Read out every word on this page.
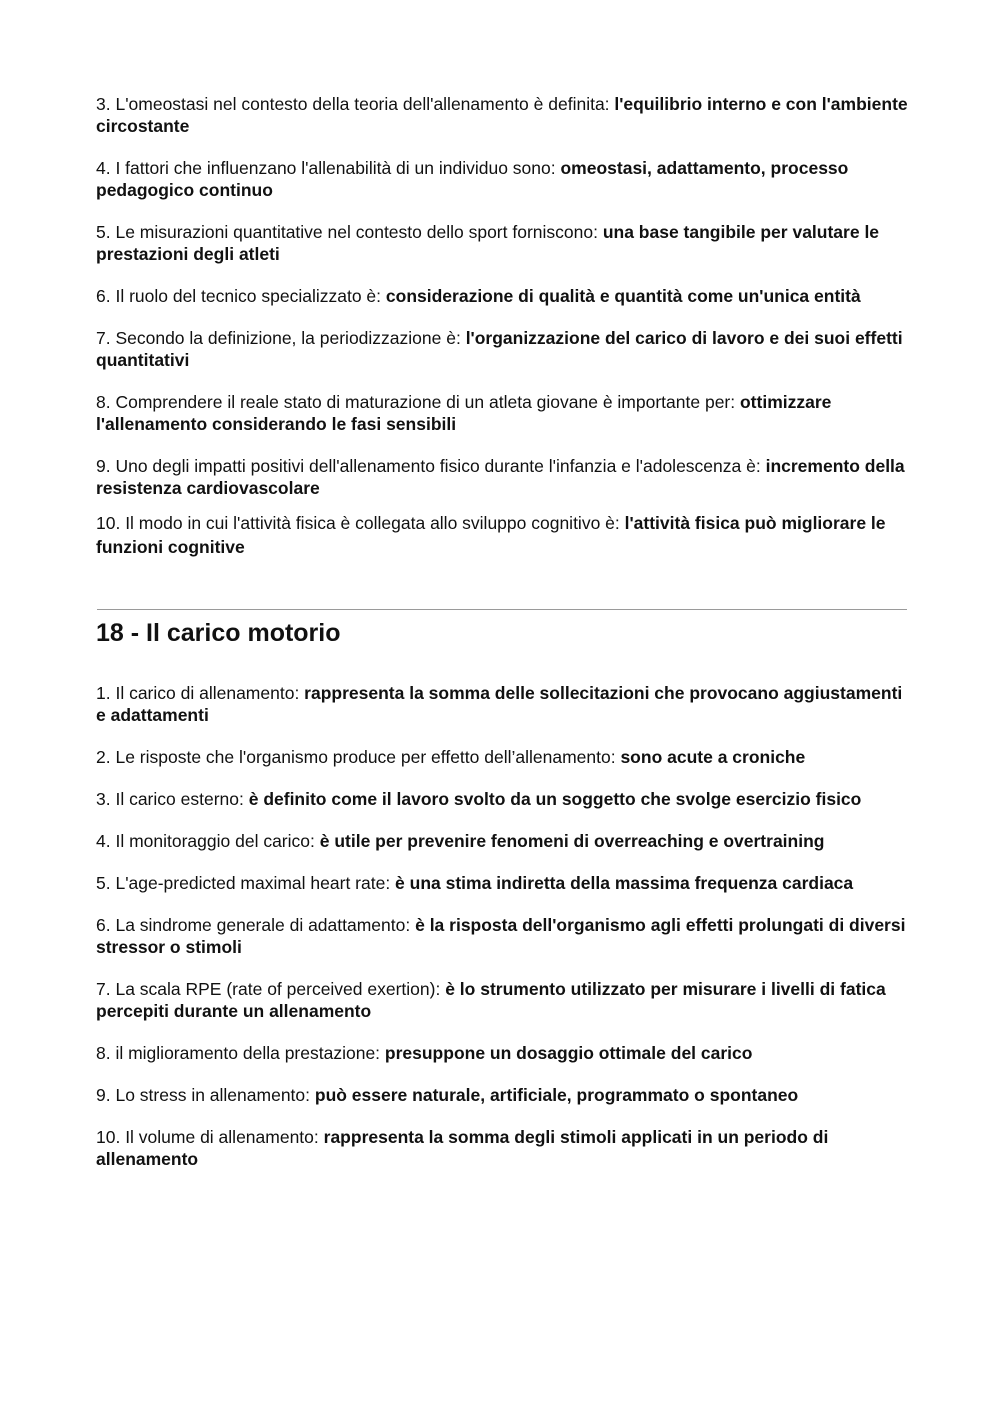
3. L'omeostasi nel contesto della teoria dell'allenamento è definita: l'equilibrio interno e con l'ambiente circostante

4. I fattori che influenzano l'allenabilità di un individuo sono: omeostasi, adattamento, processo pedagogico continuo

5. Le misurazioni quantitative nel contesto dello sport forniscono: una base tangibile per valutare le prestazioni degli atleti

6. Il ruolo del tecnico specializzato è: considerazione di qualità e quantità come un'unica entità

7. Secondo la definizione, la periodizzazione è: l'organizzazione del carico di lavoro e dei suoi effetti quantitativi

8. Comprendere il reale stato di maturazione di un atleta giovane è importante per: ottimizzare l'allenamento considerando le fasi sensibili

9. Uno degli impatti positivi dell'allenamento fisico durante l'infanzia e l'adolescenza è: incremento della resistenza cardiovascolare

10. Il modo in cui l'attività fisica è collegata allo sviluppo cognitivo è: l'attività fisica può migliorare le funzioni cognitive

18 - Il carico motorio

1. Il carico di allenamento: rappresenta la somma delle sollecitazioni che provocano aggiustamenti e adattamenti

2. Le risposte che l'organismo produce per effetto dell’allenamento: sono acute a croniche

3. Il carico esterno: è definito come il lavoro svolto da un soggetto che svolge esercizio fisico

4. Il monitoraggio del carico: è utile per prevenire fenomeni di overreaching e overtraining

5. L'age-predicted maximal heart rate: è una stima indiretta della massima frequenza cardiaca

6. La sindrome generale di adattamento: è la risposta dell'organismo agli effetti prolungati di diversi stressor o stimoli

7. La scala RPE (rate of perceived exertion): è lo strumento utilizzato per misurare i livelli di fatica percepiti durante un allenamento

8. il miglioramento della prestazione: presuppone un dosaggio ottimale del carico

9. Lo stress in allenamento: può essere naturale, artificiale, programmato o spontaneo

10. Il volume di allenamento: rappresenta la somma degli stimoli applicati in un periodo di allenamento
